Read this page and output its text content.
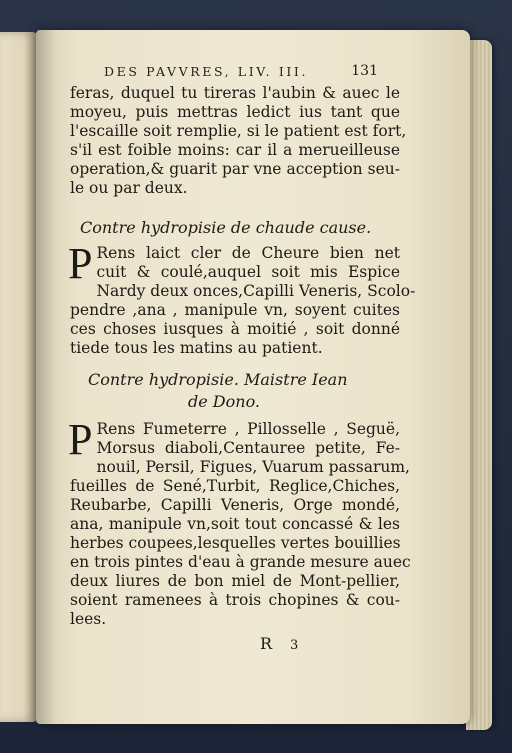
DES PAVVRES, LIV. III.	131
feras, duquel tu tireras l'aubin & auec le
moyeu, puis mettras ledict ius tant que
l'escaille soit remplie, si le patient est fort,
s'il est foible moins: car il a merueilleuse
operation,& guarit par vne acception seu-
le ou par deux.
Contre hydropisie de chaude cause.
P Rens laict cler de Cheure bien net
cuit & coulé,auquel soit mis Espice
Nardy deux onces,Capilli Veneris, Scolo-
pendre ,ana , manipule vn, soyent cuites
ces choses iusques à moitié , soit donné
tiede tous les matins au patient.
Contre hydropisie. Maistre Iean
de Dono.
P Rens Fumeterre , Pillosselle , Seguë,
Morsus diaboli,Centauree petite, Fe-
nouil, Persil, Figues, Vuarum passarum,
fueilles de Sené,Turbit, Reglice,Chiches,
Reubarbe, Capilli Veneris, Orge mondé,
ana, manipule vn,soit tout concassé & les
herbes coupees,lesquelles vertes bouillies
en trois pintes d'eau à grande mesure auec
deux liures de bon miel de Mont-pellier,
soient ramenees à trois chopines & cou-
lees.
R 3
